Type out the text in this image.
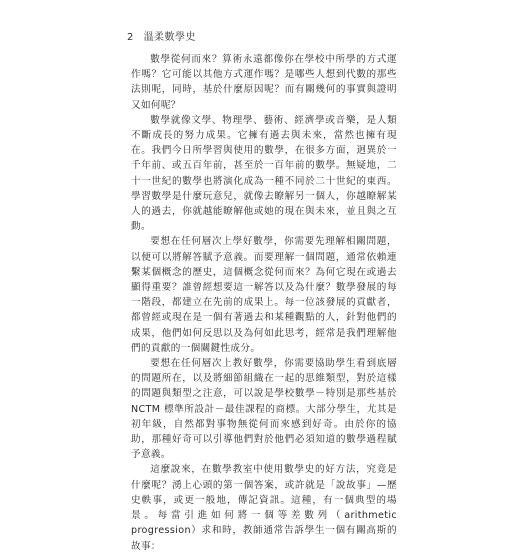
2 溫柔數學史

數學從何而來？算術永遠都像你在學校中所學的方式運作嗎？它可能以其他方式運作嗎？是哪些人想到代數的那些法則呢，同時，基於什麼原因呢？而有關幾何的事實與證明又如何呢？

數學就像文學、物理學、藝術、經濟學或音樂，是人類不斷成長的努力成果。它擁有過去與未來，當然也擁有現在。我們今日所學習與使用的數學，在很多方面，迥異於一千年前、或五百年前，甚至於一百年前的數學。無疑地，二十一世紀的數學也將演化成為一種不同於二十世紀的東西。學習數學是什麼玩意兒，就像去瞭解另一個人，你越瞭解某人的過去，你就越能瞭解他或她的現在與未來，並且與之互動。

要想在任何層次上學好數學，你需要先理解相關問題，以便可以將解答賦予意義。而要理解一個問題，通常依賴連繫某個概念的歷史，這個概念從何而來？為何它現在或過去顯得重要？誰曾經想要這一解答以及為什麼？數學發展的每一階段，都建立在先前的成果上。每一位該發展的貢獻者，都曾經或現在是一個有著過去和某種觀點的人，針對他們的成果，他們如何反思以及為何如此思考，經常是我們理解他們的貢獻的一個關鍵性成分。

要想在任何層次上教好數學，你需要協助學生看到底層的問題所在，以及將細節組織在一起的思維類型，對於這樣的問題與類型之注意，可以說是學校數學－特別是那些基於 NCTM 標準所設計－最佳課程的商標。大部分學生，尤其是初年級，自然都對事物無從何而來感到好奇。由於你的協助，那種好奇可以引導他們對於他們必須知道的數學過程賦予意義。

這麼說來，在數學教室中使用數學史的好方法，究竟是什麼呢？湧上心頭的第一個答案，或許就是「說故事」—歷史軼事，或更一般地，傳記資訊。這種，有一個典型的場景。每當引進如何將一個等差數列（arithmetic progression）求和時，教師通常告訴學生一個有關高斯的故事：
